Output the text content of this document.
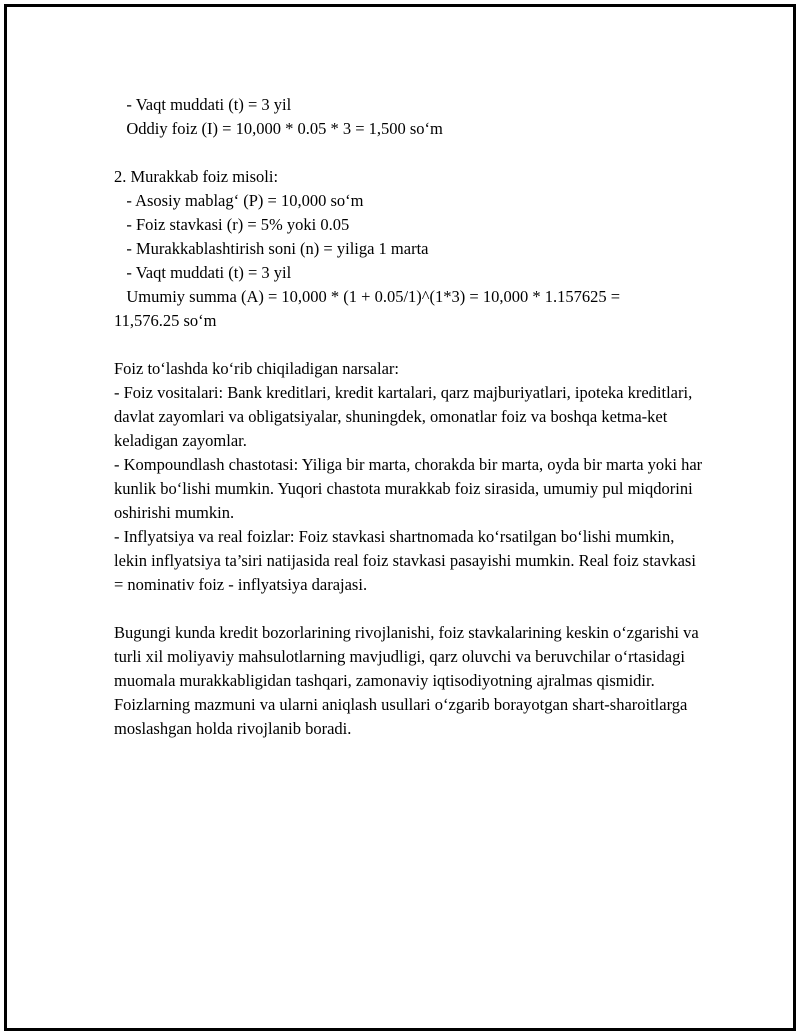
- Vaqt muddati (t) = 3 yil
Oddiy foiz (I) = 10,000 * 0.05 * 3 = 1,500 so‘m
2. Murakkab foiz misoli:
- Asosiy mablag‘ (P) = 10,000 so‘m
- Foiz stavkasi (r) = 5% yoki 0.05
- Murakkablashtirish soni (n) = yiligа 1 marta
- Vaqt muddati (t) = 3 yil
Umumiy summa (A) = 10,000 * (1 + 0.05/1)^(1*3) = 10,000 * 1.157625 =
11,576.25 so‘m

Foiz to‘lashda ko‘rib chiqiladigan narsalar:

- Foiz vositalari: Bank kreditlari, kredit kartalari, qarz majburiyatlari, ipoteka kreditlari, davlat zayomlari va obligatsiyalar, shuningdek, omonatlar foiz va boshqa ketma-ket keladigan zayomlar.

- Kompoundlash chastotasi: Yiliga bir marta, chorakda bir marta, oyda bir marta yoki har kunlik bo‘lishi mumkin. Yuqori chastota murakkab foiz sirasida, umumiy pul miqdorini oshirishi mumkin.

- Inflyatsiya va real foizlar: Foiz stavkasi shartnomada ko‘rsatilgan bo‘lishi mumkin, lekin inflyatsiya ta’siri natijasida real foiz stavkasi pasayishi mumkin. Real foiz stavkasi = nominativ foiz - inflyatsiya darajasi.

Bugungi kunda kredit bozorlarining rivojlanishi, foiz stavkalarining keskin o‘zgarishi va turli xil moliyaviy mahsulotlarning mavjudligi, qarz oluvchi va beruvchilar o‘rtasidagi muomala murakkabligidan tashqari, zamonaviy iqtisodiyotning ajralmas qismidir. Foizlarning mazmuni va ularni aniqlash usullari o‘zgarib borayotgan shart-sharoitlarga moslashgan holda rivojlanib boradi.
